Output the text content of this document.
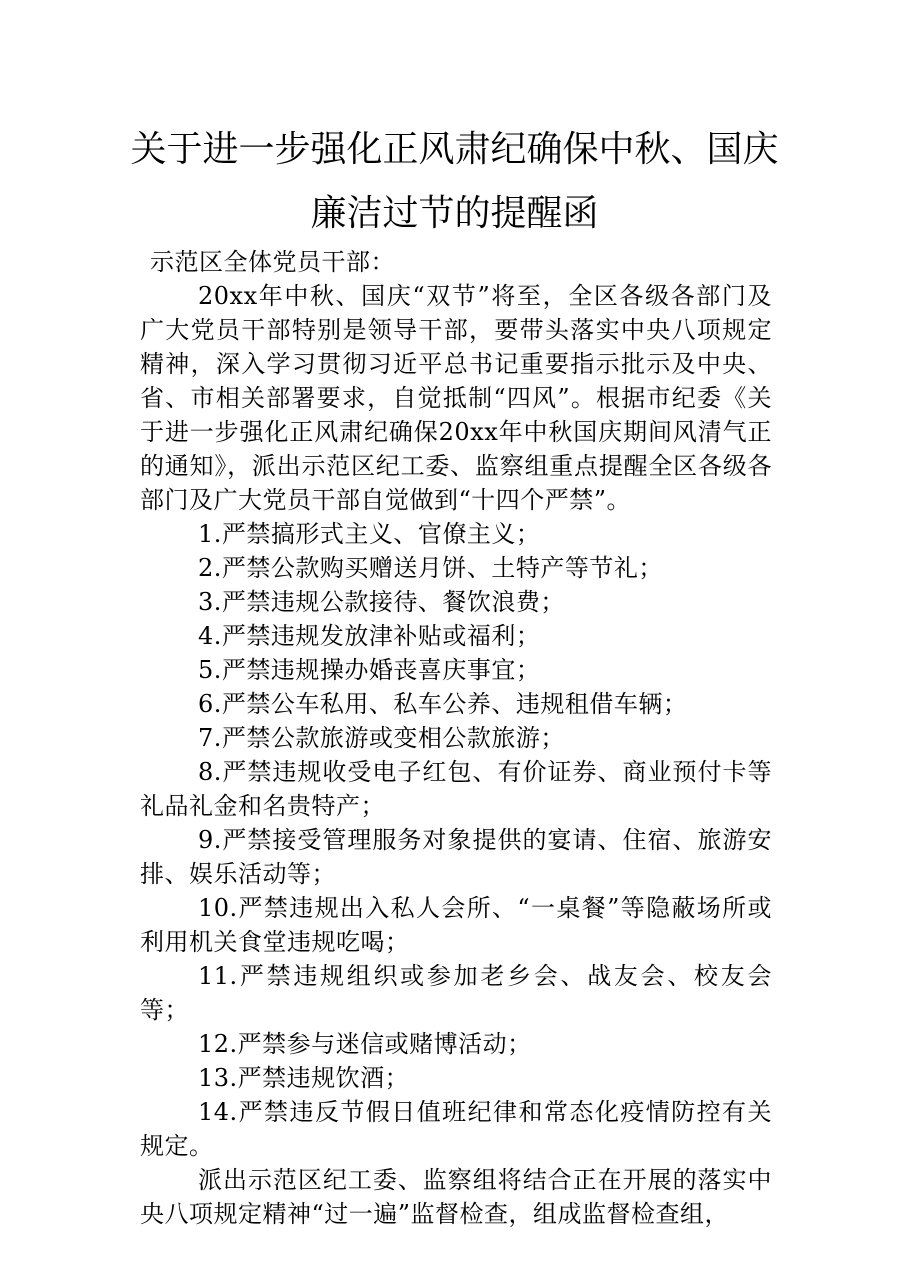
关于进一步强化正风肃纪确保中秋、国庆
廉洁过节的提醒函

示范区全体党员干部：

20xx年中秋、国庆“双节”将至，全区各级各部门及广大党员干部特别是领导干部，要带头落实中央八项规定精神，深入学习贯彻习近平总书记重要指示批示及中央、省、市相关部署要求，自觉抵制“四风”。根据市纪委《关于进一步强化正风肃纪确保20xx年中秋国庆期间风清气正的通知》，派出示范区纪工委、监察组重点提醒全区各级各部门及广大党员干部自觉做到“十四个严禁”。

1.严禁搞形式主义、官僚主义；

2.严禁公款购买赠送月饼、土特产等节礼；

3.严禁违规公款接待、餐饮浪费；

4.严禁违规发放津补贴或福利；

5.严禁违规操办婚丧喜庆事宜；

6.严禁公车私用、私车公养、违规租借车辆；

7.严禁公款旅游或变相公款旅游；

8.严禁违规收受电子红包、有价证券、商业预付卡等礼品礼金和名贵特产；

9.严禁接受管理服务对象提供的宴请、住宿、旅游安排、娱乐活动等；

10.严禁违规出入私人会所、“一桌餐”等隐蔽场所或利用机关食堂违规吃喝；

11.严禁违规组织或参加老乡会、战友会、校友会等；

12.严禁参与迷信或赌博活动；

13.严禁违规饮酒；

14.严禁违反节假日值班纪律和常态化疫情防控有关规定。

派出示范区纪工委、监察组将结合正在开展的落实中央八项规定精神“过一遍”监督检查，组成监督检查组，
